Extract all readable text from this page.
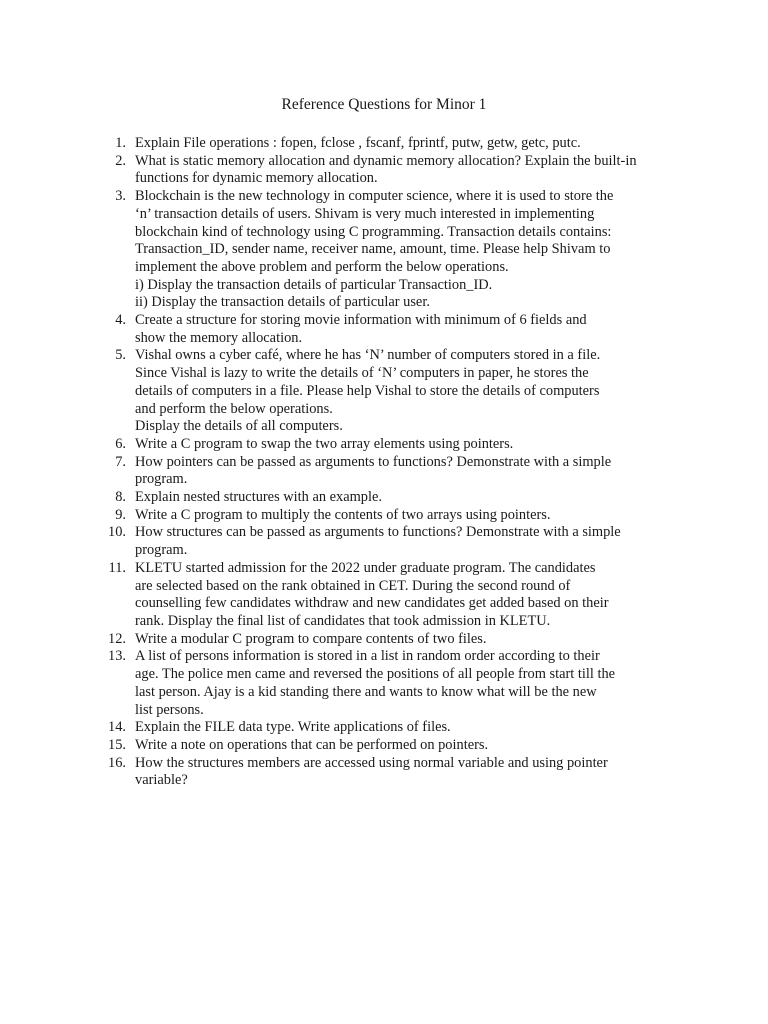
Reference Questions for Minor 1
1. Explain File operations : fopen, fclose , fscanf, fprintf, putw, getw, getc, putc.
2. What is static memory allocation and dynamic memory allocation? Explain the built-in
functions for dynamic memory allocation.
3. Blockchain is the new technology in computer science, where it is used to store the
‘n’ transaction details of users. Shivam is very much interested in implementing
blockchain kind of technology using C programming. Transaction details contains:
Transaction_ID, sender name, receiver name, amount, time. Please help Shivam to
implement the above problem and perform the below operations.
i) Display the transaction details of particular Transaction_ID.
ii) Display the transaction details of particular user.
4. Create a structure for storing movie information with minimum of 6 fields and
show the memory allocation.
5. Vishal owns a cyber café, where he has ‘N’ number of computers stored in a file.
Since Vishal is lazy to write the details of ‘N’ computers in paper, he stores the
details of computers in a file. Please help Vishal to store the details of computers
and perform the below operations.
Display the details of all computers.
6. Write a C program to swap the two array elements using pointers.
7. How pointers can be passed as arguments to functions? Demonstrate with a simple
program.
8. Explain nested structures with an example.
9. Write a C program to multiply the contents of two arrays using pointers.
10. How structures can be passed as arguments to functions? Demonstrate with a simple
program.
11. KLETU started admission for the 2022 under graduate program. The candidates
are selected based on the rank obtained in CET. During the second round of
counselling few candidates withdraw and new candidates get added based on their
rank. Display the final list of candidates that took admission in KLETU.
12. Write a modular C program to compare contents of two files.
13. A list of persons information is stored in a list in random order according to their
age. The police men came and reversed the positions of all people from start till the
last person. Ajay is a kid standing there and wants to know what will be the new
list persons.
14. Explain the FILE data type. Write applications of files.
15. Write a note on operations that can be performed on pointers.
16. How the structures members are accessed using normal variable and using pointer
variable?
